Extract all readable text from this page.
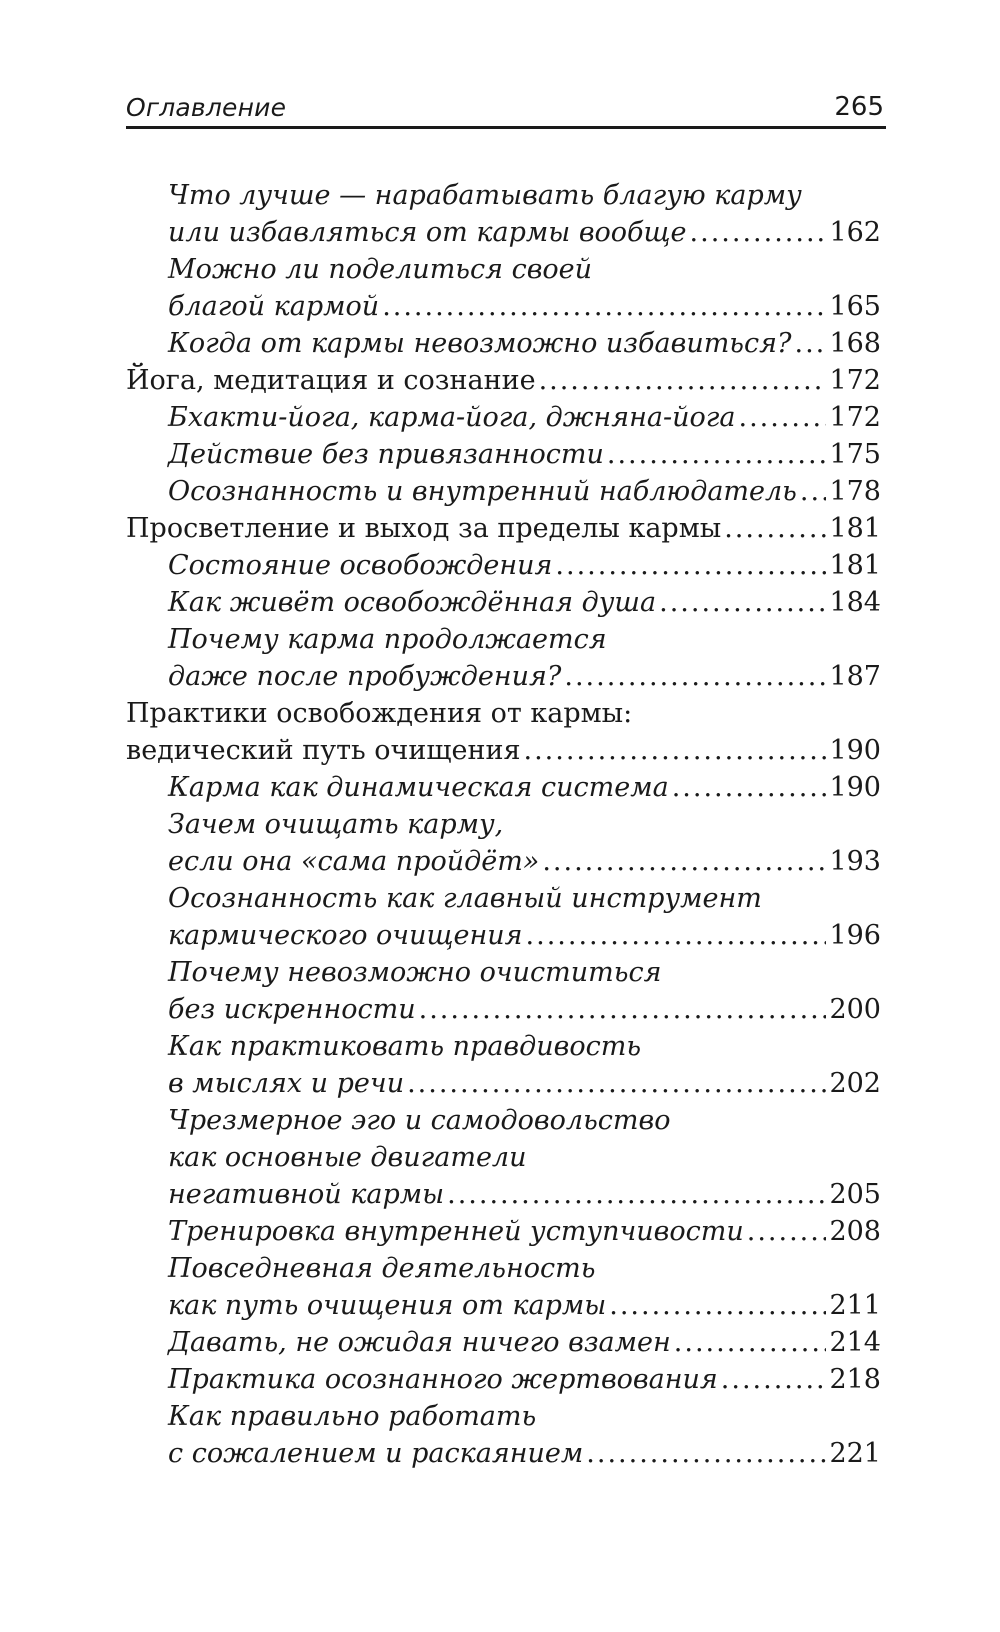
Оглавление	265
Что лучше — нарабатывать благую карму
или избавляться от кармы вообще .....	162
Можно ли поделиться своей
благой кармой .....	165
Когда от кармы невозможно избавиться? ..... 168
Йога, медитация и сознание .....	172
Бхакти-йога, карма-йога, джняна-йога .....	172
Действие без привязанности .....	175
Осознанность и внутренний наблюдатель ..... 178
Просветление и выход за пределы кармы .....	181
Состояние освобождения .....	181
Как живёт освобождённая душа .....	184
Почему карма продолжается
даже после пробуждения? .....	187
Практики освобождения от кармы:
ведический путь очищения .....	190
Карма как динамическая система .....	190
Зачем очищать карму,
если она «сама пройдёт» .....	193
Осознанность как главный инструмент
кармического очищения .....	196
Почему невозможно очиститься
без искренности .....	200
Как практиковать правдивость
в мыслях и речи .....	202
Чрезмерное эго и самодовольство
как основные двигатели
негативной кармы .....	205
Тренировка внутренней уступчивости .....	208
Повседневная деятельность
как путь очищения от кармы .....	211
Давать, не ожидая ничего взамен .....	214
Практика осознанного жертвования .....	218
Как правильно работать
с сожалением и раскаянием .....	221
